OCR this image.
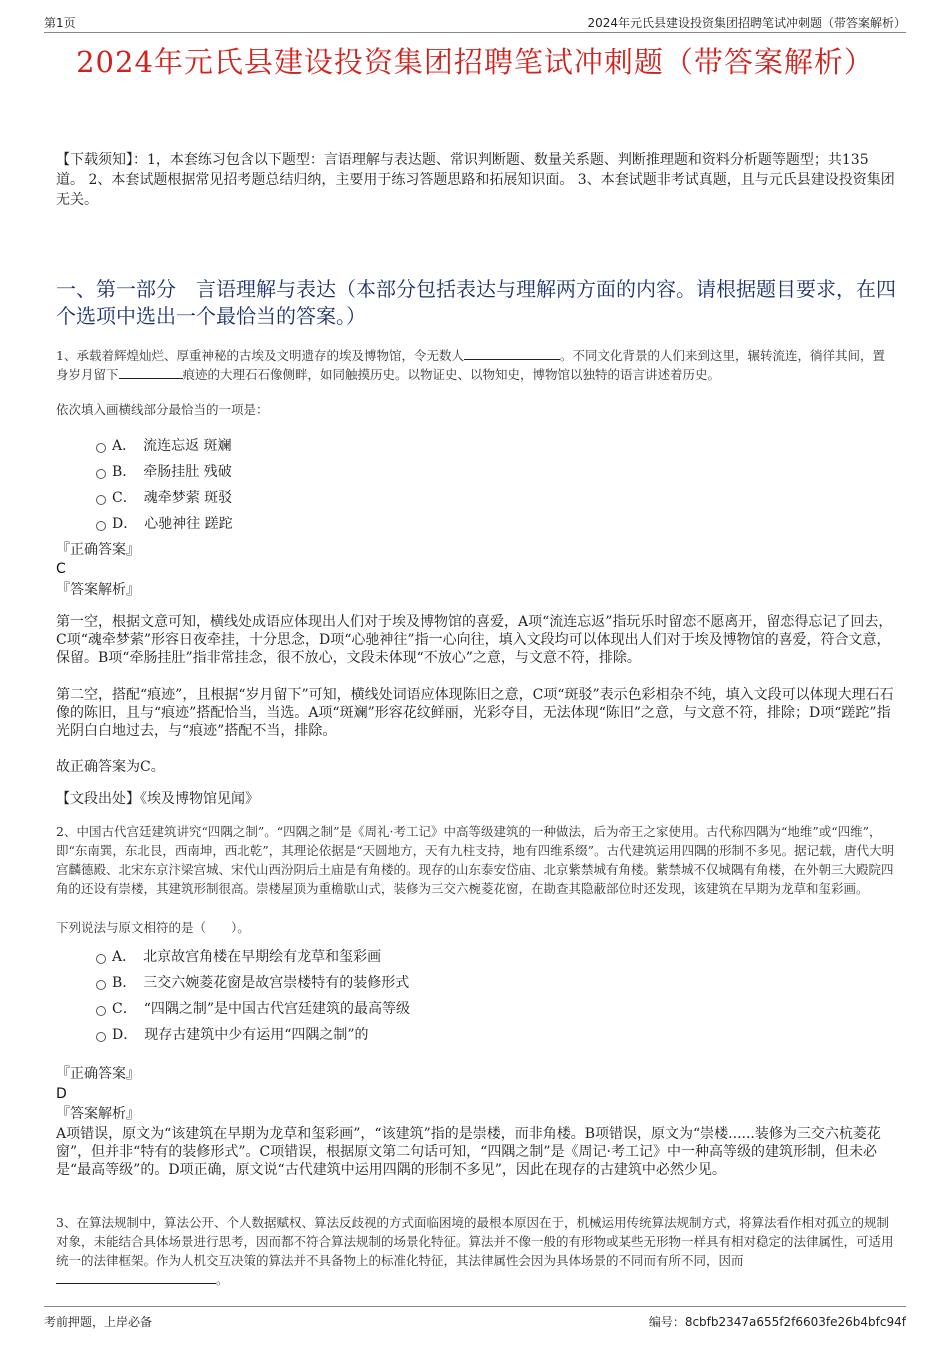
第1页	2024年元氏县建设投资集团招聘笔试冲刺题（带答案解析）
2024年元氏县建设投资集团招聘笔试冲刺题（带答案解析）
【下载须知】：1，本套练习包含以下题型：言语理解与表达题、常识判断题、数量关系题、判断推理题和资料分析题等题型；共135道。 2、本套试题根据常见招考题总结归纳，主要用于练习答题思路和拓展知识面。 3、本套试题非考试真题，且与元氏县建设投资集团无关。
一、第一部分　言语理解与表达（本部分包括表达与理解两方面的内容。请根据题目要求，在四个选项中选出一个最恰当的答案。）
1、承载着辉煌灿烂、厚重神秘的古埃及文明遗存的埃及博物馆，令无数人	。不同文化背景的人们来到这里，辗转流连，徜徉其间，置身岁月留下	痕迹的大理石石像侧畔，如同触摸历史。以物证史、以物知史，博物馆以独特的语言讲述着历史。
依次填入画横线部分最恰当的一项是：
A．　流连忘返 斑斓
B．　牵肠挂肚 残破
C．　魂牵梦萦 斑驳
D．　心驰神往 蹉跎
『正确答案』
C
『答案解析』
第一空，根据文意可知，横线处成语应体现出人们对于埃及博物馆的喜爱，A项“流连忘返”指玩乐时留恋不愿离开，留恋得忘记了回去，C项“魂牵梦萦”形容日夜牵挂，十分思念，D项“心驰神往”指一心向往，填入文段均可以体现出人们对于埃及博物馆的喜爱，符合文意，保留。B项“牵肠挂肚”指非常挂念，很不放心，文段未体现“不放心”之意，与文意不符，排除。
第二空，搭配“痕迹”，且根据“岁月留下”可知，横线处词语应体现陈旧之意，C项“斑驳”表示色彩相杂不纯，填入文段可以体现大理石石像的陈旧，且与“痕迹”搭配恰当，当选。A项“斑斓”形容花纹鲜丽，光彩夺目，无法体现“陈旧”之意，与文意不符，排除；D项“蹉跎”指光阴白白地过去，与“痕迹”搭配不当，排除。
故正确答案为C。
【文段出处】《埃及博物馆见闻》
2、中国古代宫廷建筑讲究“四隅之制”。“四隅之制”是《周礼·考工记》中高等级建筑的一种做法，后为帝王之家使用。古代称四隅为“地维”或“四维”，即“东南巽，东北艮，西南坤，西北乾”，其理论依据是“天圆地方，天有九柱支持，地有四维系缀”。古代建筑运用四隅的形制不多见。据记载，唐代大明宫麟德殿、北宋东京汴梁宫城、宋代山西汾阴后土庙是有角楼的。现存的山东泰安岱庙、北京紫禁城有角楼。紫禁城不仅城隅有角楼，在外朝三大殿院四角的还设有崇楼，其建筑形制很高。崇楼屋顶为重檐歇山式，装修为三交六椀菱花窗，在勘查其隐蔽部位时还发现，该建筑在早期为龙草和玺彩画。
下列说法与原文相符的是（　　）。
A．　北京故宫角楼在早期绘有龙草和玺彩画
B．　三交六婉菱花窗是故宫崇楼特有的装修形式
C．　“四隅之制”是中国古代宫廷建筑的最高等级
D．　现存古建筑中少有运用“四隅之制”的
『正确答案』
D
『答案解析』
A项错误，原文为“该建筑在早期为龙草和玺彩画”，“该建筑”指的是崇楼，而非角楼。B项错误，原文为“崇楼......装修为三交六杭菱花窗”，但并非“特有的装修形式”。C项错误，根据原文第二句话可知，“四隅之制”是《周记·考工记》中一种高等级的建筑形制，但未必是“最高等级”的。D项正确，原文说“古代建筑中运用四隅的形制不多见”，因此在现存的古建筑中必然少见。
3、在算法规制中，算法公开、个人数据赋权、算法反歧视的方式面临困境的最根本原因在于，机械运用传统算法规制方式，将算法看作相对孤立的规制对象，未能结合具体场景进行思考，因而都不符合算法规制的场景化特征。算法并不像一般的有形物或某些无形物一样具有相对稳定的法律属性，可适用统一的法律框架。作为人机交互决策的算法并不具备物上的标准化特征，其法律属性会因为具体场景的不同而有所不同，因而。
考前押题，上岸必备	编号：8cbfb2347a655f2f6603fe26b4bfc94f
